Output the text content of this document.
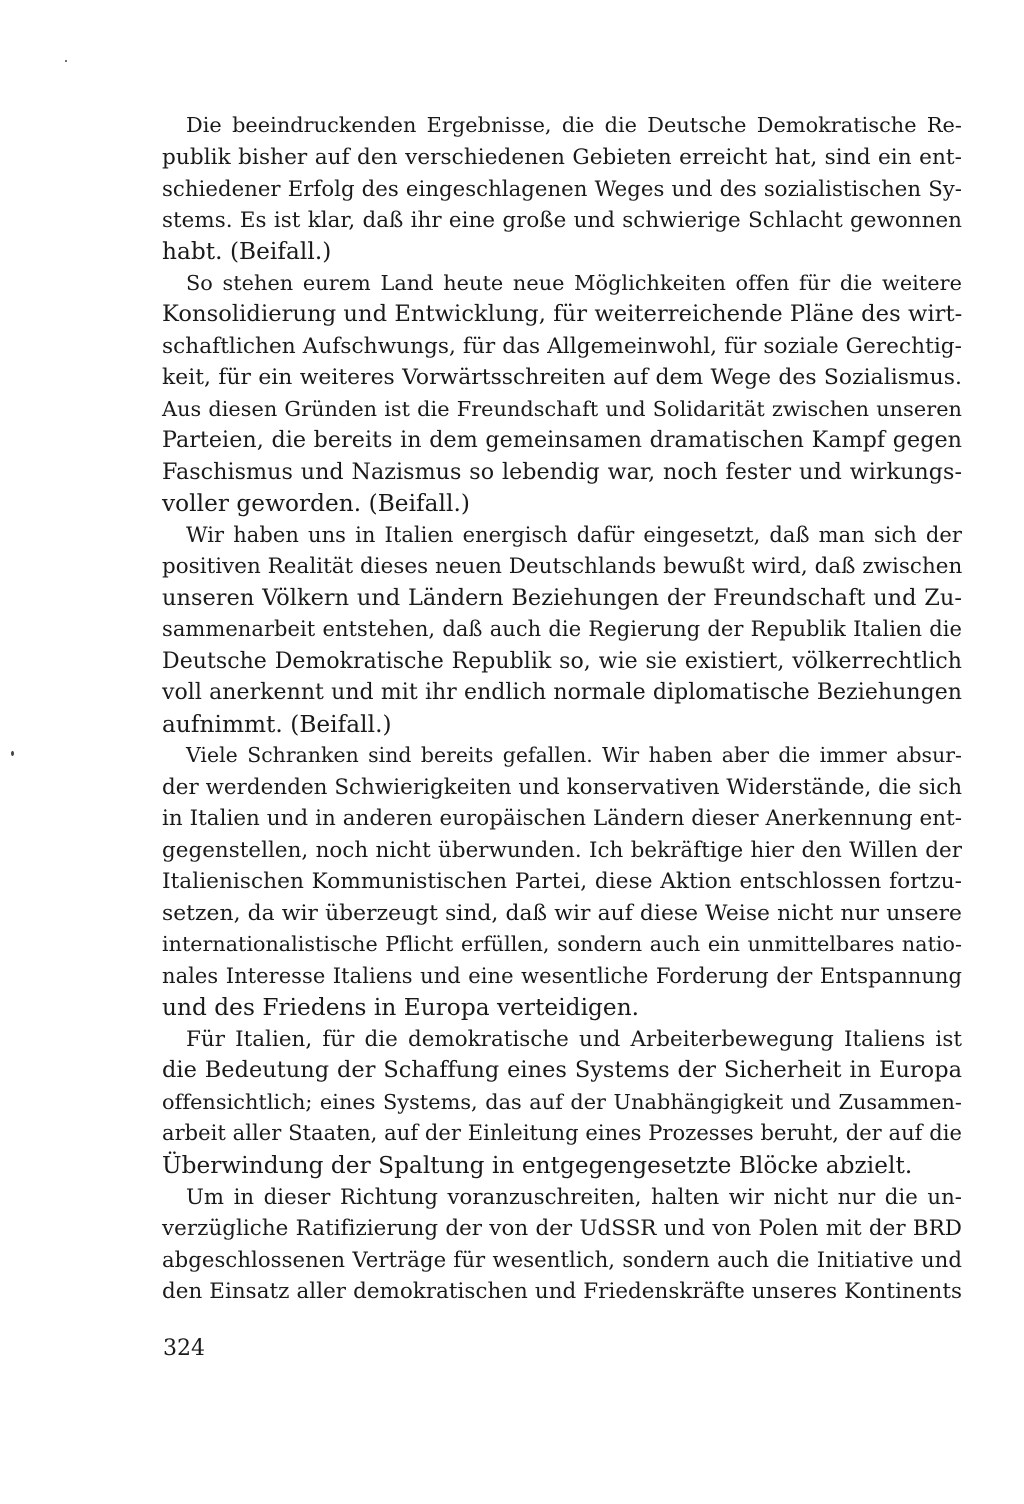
Die beeindruckenden Ergebnisse, die die Deutsche Demokratische Re-
publik bisher auf den verschiedenen Gebieten erreicht hat, sind ein ent-
schiedener Erfolg des eingeschlagenen Weges und des sozialistischen Sy-
stems. Es ist klar, daß ihr eine große und schwierige Schlacht gewonnen
habt. (Beifall.)
So stehen eurem Land heute neue Möglichkeiten offen für die weitere
Konsolidierung und Entwicklung, für weiterreichende Pläne des wirt-
schaftlichen Aufschwungs, für das Allgemeinwohl, für soziale Gerechtig-
keit, für ein weiteres Vorwärtsschreiten auf dem Wege des Sozialismus.
Aus diesen Gründen ist die Freundschaft und Solidarität zwischen unseren
Parteien, die bereits in dem gemeinsamen dramatischen Kampf gegen
Faschismus und Nazismus so lebendig war, noch fester und wirkungs-
voller geworden. (Beifall.)
Wir haben uns in Italien energisch dafür eingesetzt, daß man sich der
positiven Realität dieses neuen Deutschlands bewußt wird, daß zwischen
unseren Völkern und Ländern Beziehungen der Freundschaft und Zu-
sammenarbeit entstehen, daß auch die Regierung der Republik Italien die
Deutsche Demokratische Republik so, wie sie existiert, völkerrechtlich
voll anerkennt und mit ihr endlich normale diplomatische Beziehungen
aufnimmt. (Beifall.)
Viele Schranken sind bereits gefallen. Wir haben aber die immer absur-
der werdenden Schwierigkeiten und konservativen Widerstände, die sich
in Italien und in anderen europäischen Ländern dieser Anerkennung ent-
gegenstellen, noch nicht überwunden. Ich bekräftige hier den Willen der
Italienischen Kommunistischen Partei, diese Aktion entschlossen fortzu-
setzen, da wir überzeugt sind, daß wir auf diese Weise nicht nur unsere
internationalistische Pflicht erfüllen, sondern auch ein unmittelbares natio-
nales Interesse Italiens und eine wesentliche Forderung der Entspannung
und des Friedens in Europa verteidigen.
Für Italien, für die demokratische und Arbeiterbewegung Italiens ist
die Bedeutung der Schaffung eines Systems der Sicherheit in Europa
offensichtlich; eines Systems, das auf der Unabhängigkeit und Zusammen-
arbeit aller Staaten, auf der Einleitung eines Prozesses beruht, der auf die
Überwindung der Spaltung in entgegengesetzte Blöcke abzielt.
Um in dieser Richtung voranzuschreiten, halten wir nicht nur die un-
verzügliche Ratifizierung der von der UdSSR und von Polen mit der BRD
abgeschlossenen Verträge für wesentlich, sondern auch die Initiative und
den Einsatz aller demokratischen und Friedenskräfte unseres Kontinents
324
